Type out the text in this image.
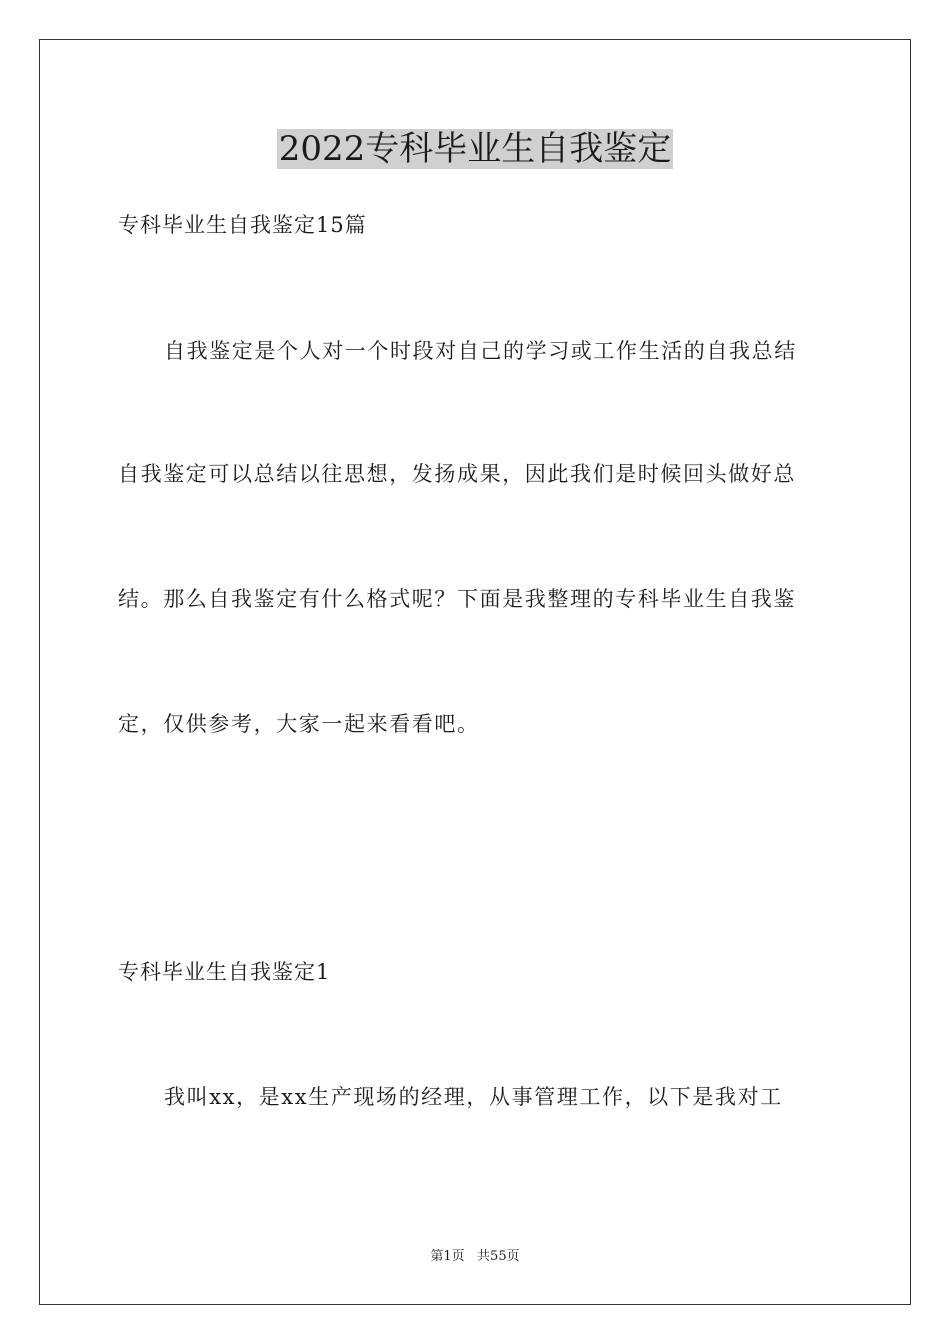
2022专科毕业生自我鉴定

专科毕业生自我鉴定15篇

自我鉴定是个人对一个时段对自己的学习或工作生活的自我总结

自我鉴定可以总结以往思想，发扬成果，因此我们是时候回头做好总

结。那么自我鉴定有什么格式呢？下面是我整理的专科毕业生自我鉴

定，仅供参考，大家一起来看看吧。

专科毕业生自我鉴定1

我叫xx，是xx生产现场的经理，从事管理工作，以下是我对工

第1页   共55页
